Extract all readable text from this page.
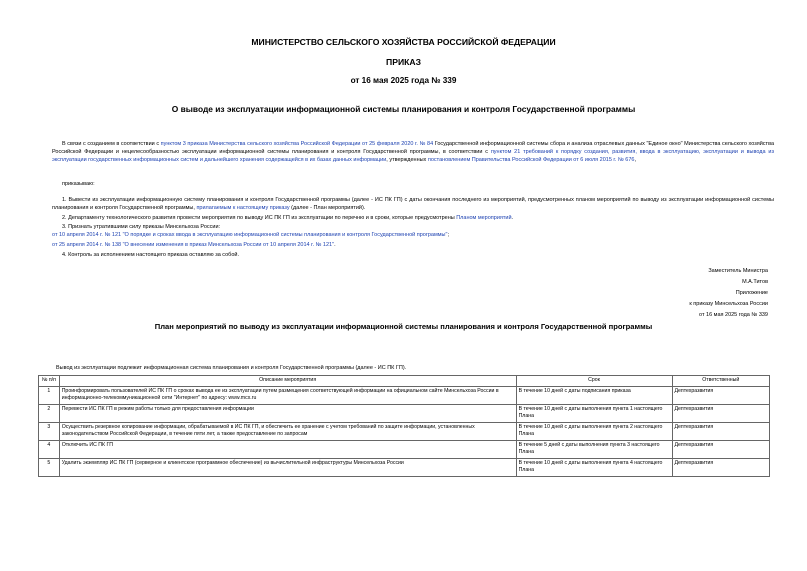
МИНИСТЕРСТВО СЕЛЬСКОГО ХОЗЯЙСТВА РОССИЙСКОЙ ФЕДЕРАЦИИ
ПРИКАЗ
от 16 мая 2025 года № 339
О выводе из эксплуатации информационной системы планирования и контроля Государственной программы
В связи с созданием в соответствии с пунктом 3 приказа Министерства сельского хозяйства Российской Федерации от 25 февраля 2020 г. № 84 Государственной информационной системы сбора и анализа отраслевых данных "Единое окно" Министерства сельского хозяйства Российской Федерации и нецелесообразностью эксплуатации информационной системы планирования и контроля Государственной программы, в соответствии с пунктом 21 требований к порядку создания, развития, ввода в эксплуатацию, эксплуатации и вывода из эксплуатации государственных информационных систем и дальнейшего хранения содержащейся в их базах данных информации, утвержденных постановлением Правительства Российской Федерации от 6 июля 2015 г. № 676,
приказываю:
1. Вывести из эксплуатации информационную систему планирования и контроля Государственной программы (далее - ИС ПК ГП) с даты окончания последнего из мероприятий, предусмотренных планом мероприятий по выводу из эксплуатации информационной системы планирования и контроля Государственной программы, прилагаемым к настоящему приказу (далее - План мероприятий).
2. Департаменту технологического развития провести мероприятия по выводу ИС ПК ГП из эксплуатации по перечню и в сроки, которые предусмотрены Планом мероприятий.
3. Признать утратившими силу приказы Минсельхоза России:
от 10 апреля 2014 г. № 121 "О порядке и сроках ввода в эксплуатацию информационной системы планирования и контроля Государственной программы";
от 25 апреля 2014 г. № 138 "О внесении изменения в приказ Минсельхоза России от 10 апреля 2014 г. № 121".
4. Контроль за исполнением настоящего приказа оставляю за собой.
Заместитель Министра
М.А.Титов
Приложение
к приказу Минсельхоза России
от 16 мая 2025 года № 339
План мероприятий по выводу из эксплуатации информационной системы планирования и контроля Государственной программы
Вывод из эксплуатации подлежит информационная система планирования и контроля Государственной программы (далее - ИС ПК ГП).
№ п/п	Описание мероприятия	Срок	Ответственный
1	Проинформировать пользователей ИС ПК ГП о сроках вывода ее из эксплуатации путем размещения соответствующей информации на официальном сайте Минсельхоза России в информационно-телекоммуникационной сети "Интернет" по адресу: www.mcx.ru	В течение 10 дней с даты подписания приказа	Дептехразвития
2	Перевести ИС ПК ГП в режим работы только для предоставления информации	В течение 10 дней с даты выполнения пункта 1 настоящего Плана	Дептехразвития
3	Осуществить резервное копирование информации, обрабатываемой в ИС ПК ГП, и обеспечить ее хранение с учетом требований по защите информации, установленных законодательством Российской Федерации, в течение пяти лет, а также предоставление по запросам	В течение 10 дней с даты выполнения пункта 2 настоящего Плана	Дептехразвития
4	Отключить ИС ПК ГП	В течение 5 дней с даты выполнения пункта 3 настоящего Плана	Дептехразвития
5	Удалить экземпляр ИС ПК ГП (серверное и клиентское программное обеспечение) из вычислительной инфраструктуры Минсельхоза России	В течение 10 дней с даты выполнения пункта 4 настоящего Плана	Дептехразвития
